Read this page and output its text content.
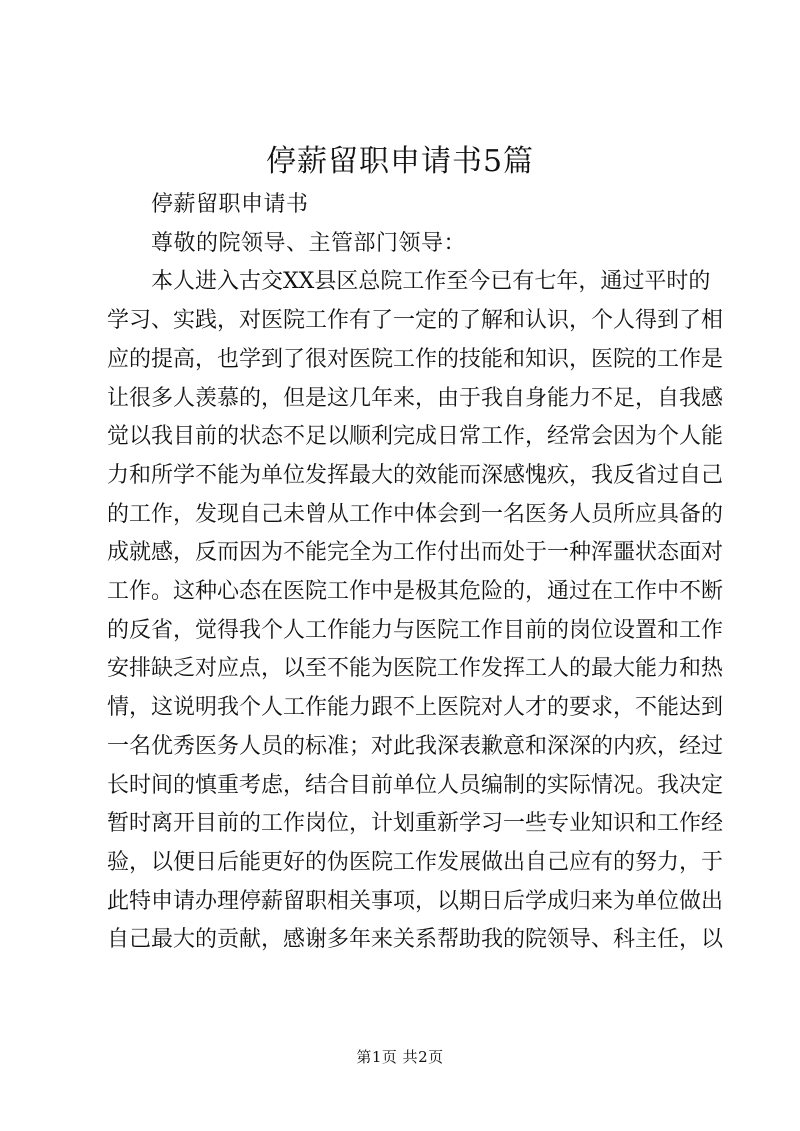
停薪留职申请书5篇
停薪留职申请书
尊敬的院领导、主管部门领导：
本人进入古交XX县区总院工作至今已有七年，通过平时的
学习、实践，对医院工作有了一定的了解和认识，个人得到了相
应的提高，也学到了很对医院工作的技能和知识，医院的工作是
让很多人羡慕的，但是这几年来，由于我自身能力不足，自我感
觉以我目前的状态不足以顺利完成日常工作，经常会因为个人能
力和所学不能为单位发挥最大的效能而深感愧疚，我反省过自己
的工作，发现自己未曾从工作中体会到一名医务人员所应具备的
成就感，反而因为不能完全为工作付出而处于一种浑噩状态面对
工作。这种心态在医院工作中是极其危险的，通过在工作中不断
的反省，觉得我个人工作能力与医院工作目前的岗位设置和工作
安排缺乏对应点，以至不能为医院工作发挥工人的最大能力和热
情，这说明我个人工作能力跟不上医院对人才的要求，不能达到
一名优秀医务人员的标准；对此我深表歉意和深深的内疚，经过
长时间的慎重考虑，结合目前单位人员编制的实际情况。我决定
暂时离开目前的工作岗位，计划重新学习一些专业知识和工作经
验，以便日后能更好的伪医院工作发展做出自己应有的努力，于
此特申请办理停薪留职相关事项，以期日后学成归来为单位做出
自己最大的贡献，感谢多年来关系帮助我的院领导、科主任，以
第1页 共2页
